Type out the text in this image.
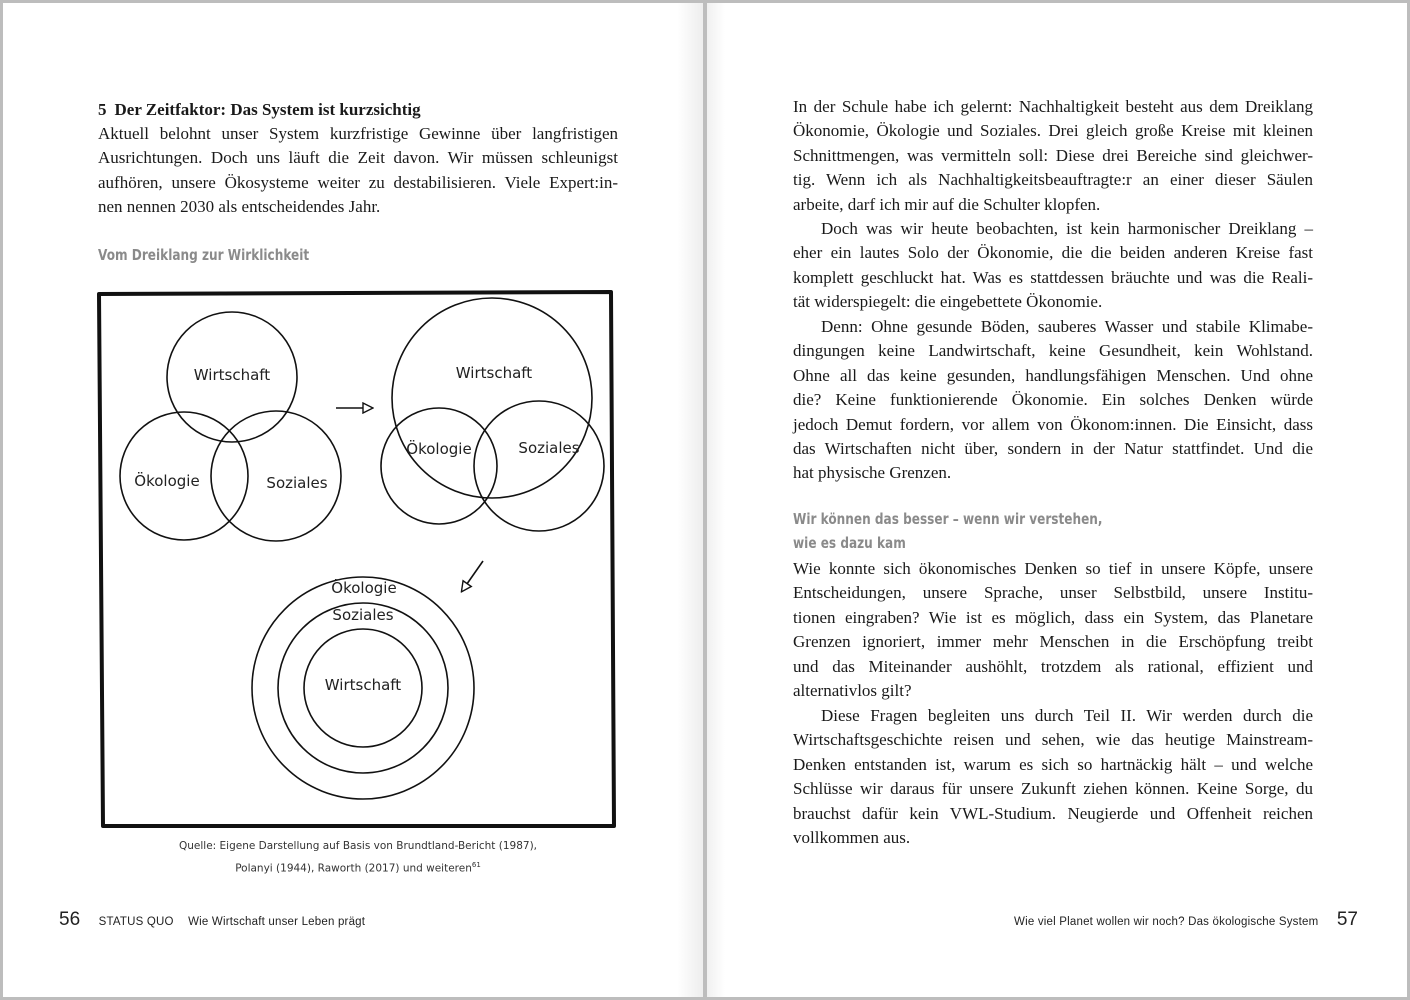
5 Der Zeitfaktor: Das System ist kurzsichtig
Aktuell belohnt unser System kurzfristige Gewinne über langfristigen
Ausrichtungen. Doch uns läuft die Zeit davon. Wir müssen schleunigst
aufhören, unsere Ökosysteme weiter zu destabilisieren. Viele Expert:in-
nen nennen 2030 als entscheidendes Jahr.
Vom Dreiklang zur Wirklichkeit
Wirtschaft
Ökologie	Soziales
Wirtschaft
Ökologie	Soziales
Ökologie
Soziales
Wirtschaft
Quelle: Eigene Darstellung auf Basis von Brundtland-Bericht (1987),
Polanyi (1944), Raworth (2017) und weiteren$^{61}$
56 STATUS QUO Wie Wirtschaft unser Leben prägt
In der Schule habe ich gelernt: Nachhaltigkeit besteht aus dem Dreiklang
Ökonomie, Ökologie und Soziales. Drei gleich große Kreise mit kleinen
Schnittmengen, was vermitteln soll: Diese drei Bereiche sind gleichwer-
tig. Wenn ich als Nachhaltigkeitsbeauftragte:r an einer dieser Säulen
arbeite, darf ich mir auf die Schulter klopfen.
Doch was wir heute beobachten, ist kein harmonischer Dreiklang –
eher ein lautes Solo der Ökonomie, die die beiden anderen Kreise fast
komplett geschluckt hat. Was es stattdessen bräuchte und was die Reali-
tät widerspiegelt: die eingebettete Ökonomie.
Denn: Ohne gesunde Böden, sauberes Wasser und stabile Klimabe-
dingungen keine Landwirtschaft, keine Gesundheit, kein Wohlstand.
Ohne all das keine gesunden, handlungsfähigen Menschen. Und ohne
die? Keine funktionierende Ökonomie. Ein solches Denken würde
jedoch Demut fordern, vor allem von Ökonom:innen. Die Einsicht, dass
das Wirtschaften nicht über, sondern in der Natur stattfindet. Und die
hat physische Grenzen.
Wir können das besser – wenn wir verstehen,
wie es dazu kam
Wie konnte sich ökonomisches Denken so tief in unsere Köpfe, unsere
Entscheidungen, unsere Sprache, unser Selbstbild, unsere Institu-
tionen eingraben? Wie ist es möglich, dass ein System, das Planetare
Grenzen ignoriert, immer mehr Menschen in die Erschöpfung treibt
und das Miteinander aushöhlt, trotzdem als rational, effizient und
alternativlos gilt?
Diese Fragen begleiten uns durch Teil II. Wir werden durch die
Wirtschaftsgeschichte reisen und sehen, wie das heutige Mainstream-
Denken entstanden ist, warum es sich so hartnäckig hält – und welche
Schlüsse wir daraus für unsere Zukunft ziehen können. Keine Sorge, du
brauchst dafür kein VWL-Studium. Neugierde und Offenheit reichen
vollkommen aus.
Wie viel Planet wollen wir noch? Das ökologische System 57
